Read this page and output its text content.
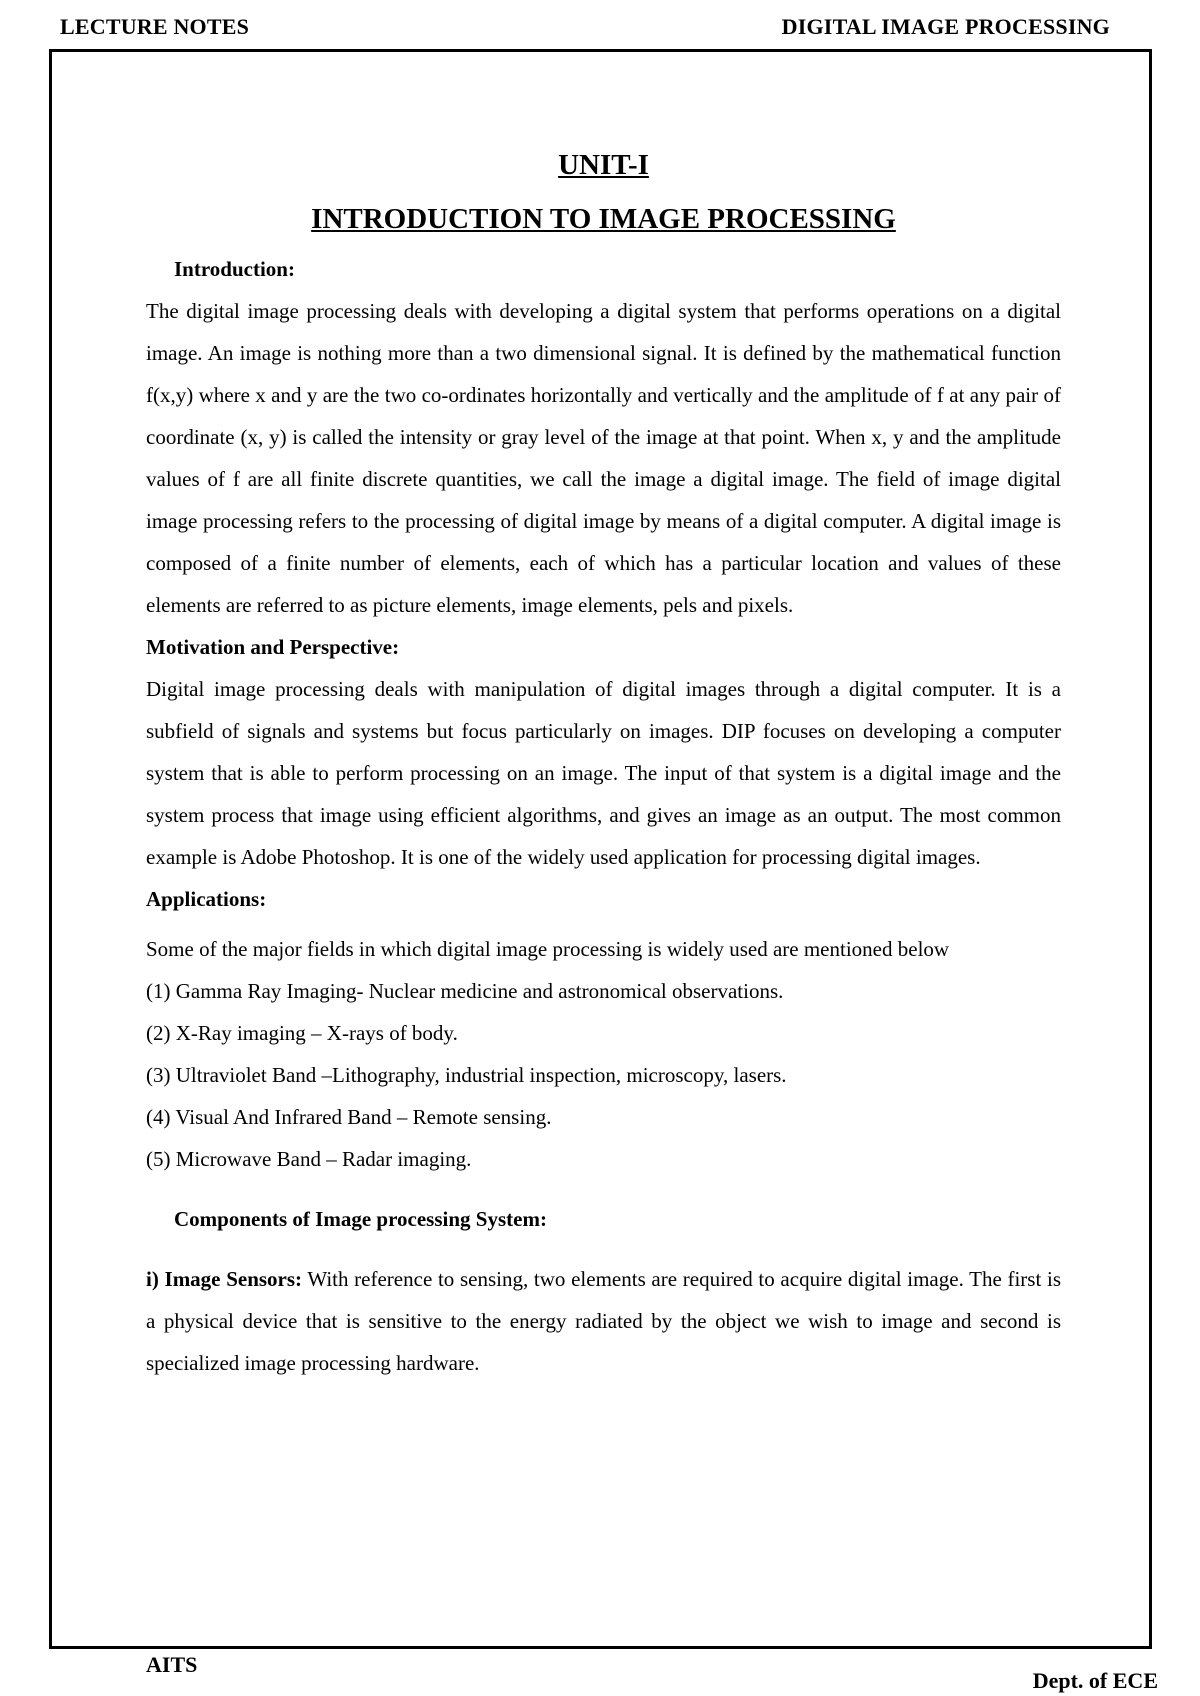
LECTURE NOTES	DIGITAL IMAGE PROCESSING
UNIT-I
INTRODUCTION TO IMAGE PROCESSING
Introduction:

The digital image processing deals with developing a digital system that performs operations on a digital image. An image is nothing more than a two dimensional signal. It is defined by the mathematical function f(x,y) where x and y are the two co-ordinates horizontally and vertically and the amplitude of f at any pair of coordinate (x, y) is called the intensity or gray level of the image at that point. When x, y and the amplitude values of f are all finite discrete quantities, we call the image a digital image. The field of image digital image processing refers to the processing of digital image by means of a digital computer. A digital image is composed of a finite number of elements, each of which has a particular location and values of these elements are referred to as picture elements, image elements, pels and pixels.

Motivation and Perspective:

Digital image processing deals with manipulation of digital images through a digital computer. It is a subfield of signals and systems but focus particularly on images. DIP focuses on developing a computer system that is able to perform processing on an image. The input of that system is a digital image and the system process that image using efficient algorithms, and gives an image as an output. The most common example is Adobe Photoshop. It is one of the widely used application for processing digital images.

Applications:

Some of the major fields in which digital image processing is widely used are mentioned below

(1) Gamma Ray Imaging- Nuclear medicine and astronomical observations.
(2) X-Ray imaging – X-rays of body.
(3) Ultraviolet Band –Lithography, industrial inspection, microscopy, lasers.
(4) Visual And Infrared Band – Remote sensing.
(5) Microwave Band – Radar imaging.
Components of Image processing System:

i) Image Sensors: With reference to sensing, two elements are required to acquire digital image. The first is a physical device that is sensitive to the energy radiated by the object we wish to image and second is specialized image processing hardware.

AITS
Dept. of ECE
